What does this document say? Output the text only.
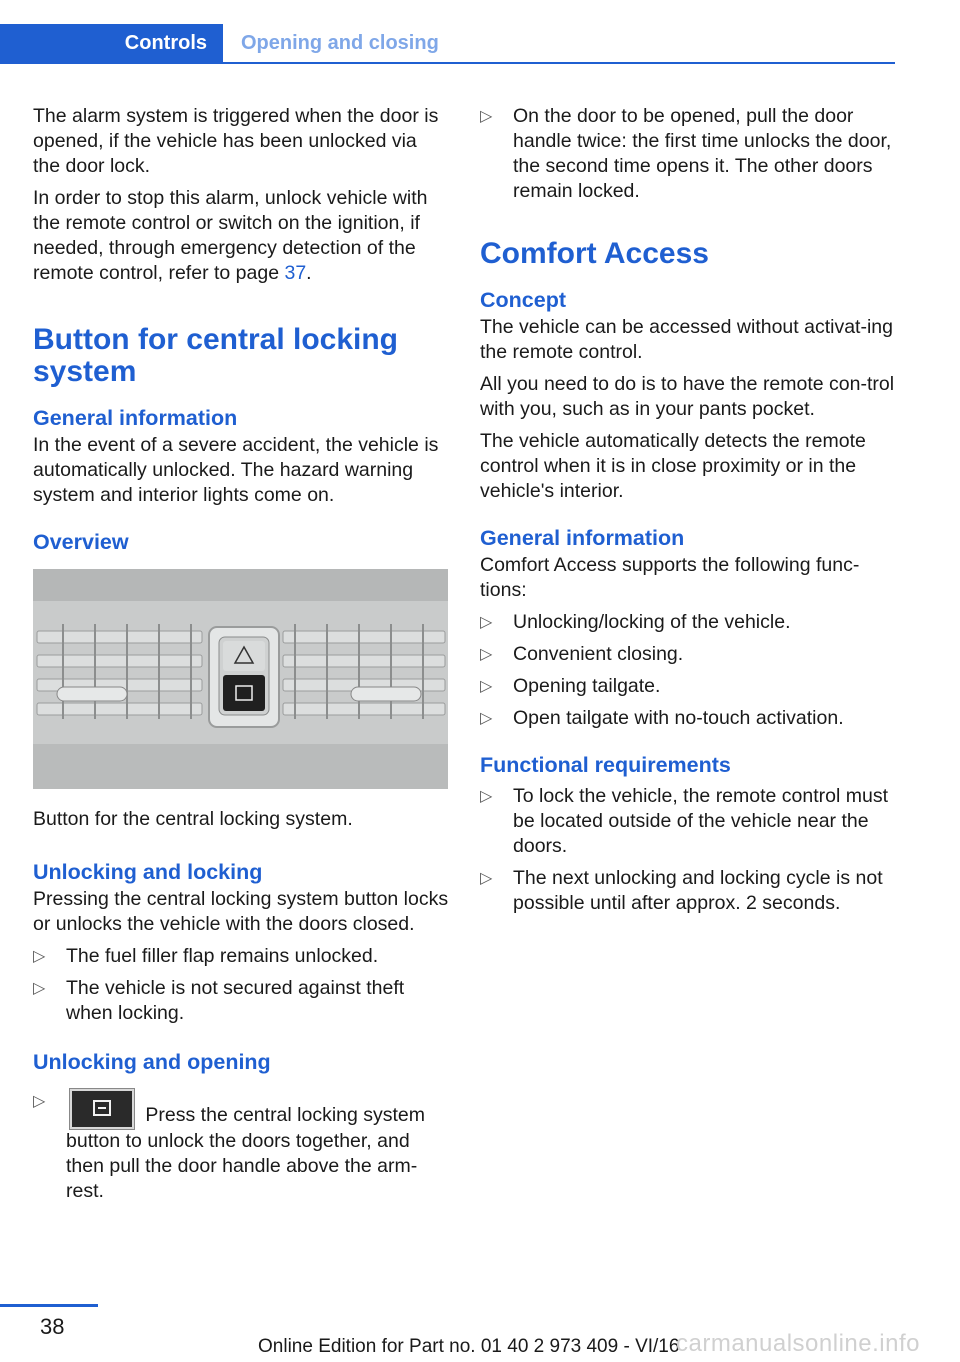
Controls	Opening and closing

The alarm system is triggered when the door is opened, if the vehicle has been unlocked via the door lock.

In order to stop this alarm, unlock vehicle with the remote control or switch on the ignition, if needed, through emergency detection of the remote control, refer to page 37.

Button for central locking system
General information

In the event of a severe accident, the vehicle is automatically unlocked. The hazard warning system and interior lights come on.

Overview

Button for the central locking system.

Unlocking and locking

Pressing the central locking system button locks or unlocks the vehicle with the doors closed.

▷ The fuel filler flap remains unlocked.
▷ The vehicle is not secured against theft when locking.
Unlocking and opening
▷
Press the central locking system button to unlock the doors together, and then pull the door handle above the arm-rest.
▷ On the door to be opened, pull the door handle twice: the first time unlocks the door, the second time opens it. The other doors remain locked.
Comfort Access
Concept

The vehicle can be accessed without activat-ing the remote control.

All you need to do is to have the remote con-trol with you, such as in your pants pocket.

The vehicle automatically detects the remote control when it is in close proximity or in the vehicle's interior.

General information

Comfort Access supports the following func-tions:

▷ Unlocking/locking of the vehicle.
▷ Convenient closing.
▷ Opening tailgate.
▷ Open tailgate with no-touch activation.
Functional requirements
▷ To lock the vehicle, the remote control must be located outside of the vehicle near the doors.
▷ The next unlocking and locking cycle is not possible until after approx. 2 seconds.
38
Online Edition for Part no. 01 40 2 973 409 - VI/16
carmanualsonline.info
